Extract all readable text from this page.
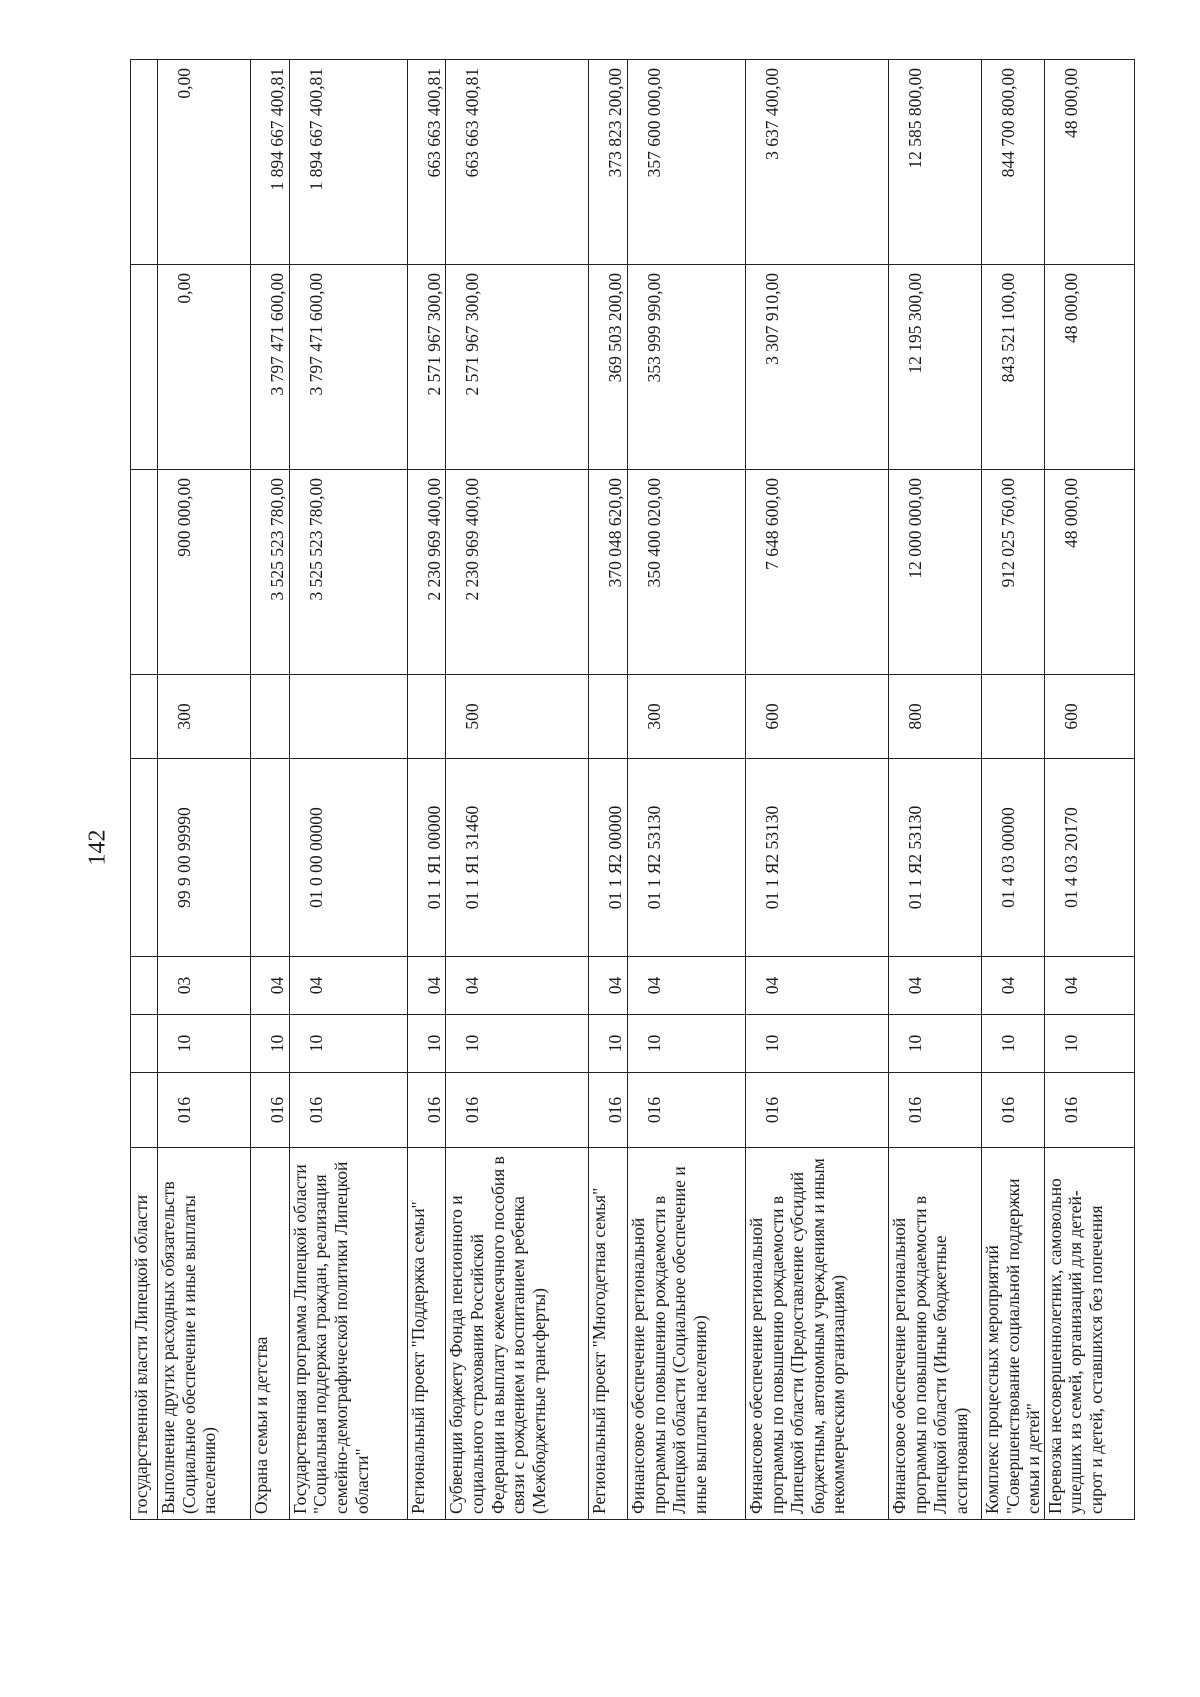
142
государственной власти Липецкой области								
Выполнение других расходных обязательств (Социальное обеспечение и иные выплаты населению)	016	10	03	99 9 00 99990	300	900 000,00	0,00	0,00
Охрана семьи и детства	016	10	04			3 525 523 780,00	3 797 471 600,00	1 894 667 400,81
Государственная программа Липецкой области "Социальная поддержка граждан, реализация семейно-демографической политики Липецкой области"	016	10	04	01 0 00 00000		3 525 523 780,00	3 797 471 600,00	1 894 667 400,81
Региональный проект "Поддержка семьи"	016	10	04	01 1 Я1 00000		2 230 969 400,00	2 571 967 300,00	663 663 400,81
Субвенции бюджету Фонда пенсионного и социального страхования Российской Федерации на выплату ежемесячного пособия в связи с рождением и воспитанием ребенка (Межбюджетные трансферты)	016	10	04	01 1 Я1 31460	500	2 230 969 400,00	2 571 967 300,00	663 663 400,81
Региональный проект "Многодетная семья"	016	10	04	01 1 Я2 00000		370 048 620,00	369 503 200,00	373 823 200,00
Финансовое обеспечение региональной программы по повышению рождаемости в Липецкой области (Социальное обеспечение и иные выплаты населению)	016	10	04	01 1 Я2 53130	300	350 400 020,00	353 999 990,00	357 600 000,00
Финансовое обеспечение региональной программы по повышению рождаемости в Липецкой области (Предоставление субсидий бюджетным, автономным учреждениям и иным некоммерческим организациям)	016	10	04	01 1 Я2 53130	600	7 648 600,00	3 307 910,00	3 637 400,00
Финансовое обеспечение региональной программы по повышению рождаемости в Липецкой области (Иные бюджетные ассигнования)	016	10	04	01 1 Я2 53130	800	12 000 000,00	12 195 300,00	12 585 800,00
Комплекс процессных мероприятий "Совершенствование социальной поддержки семьи и детей"	016	10	04	01 4 03 00000		912 025 760,00	843 521 100,00	844 700 800,00
Перевозка несовершеннолетних, самовольно ушедших из семей, организаций для детей-сирот и детей, оставшихся без попечения	016	10	04	01 4 03 20170	600	48 000,00	48 000,00	48 000,00
